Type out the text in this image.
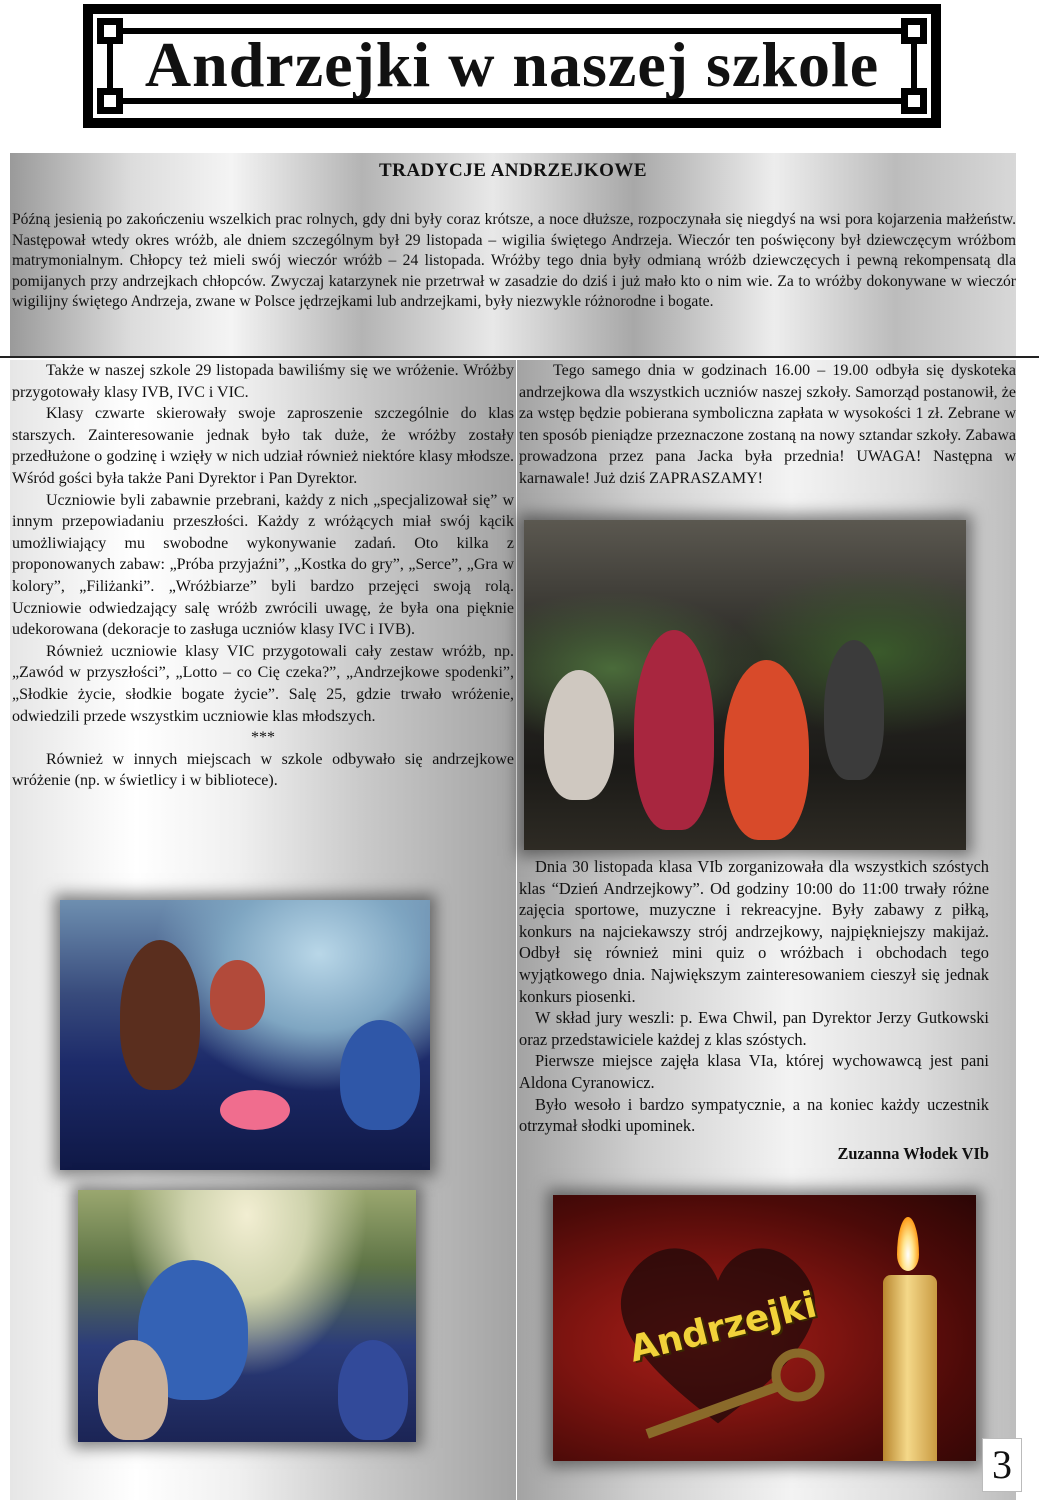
Andrzejki w naszej szkole
TRADYCJE ANDRZEJKOWE

Późną jesienią po zakończeniu wszelkich prac rolnych, gdy dni były coraz krótsze, a noce dłuższe, rozpoczynała się niegdyś na wsi pora kojarzenia małżeństw. Następował wtedy okres wróżb, ale dniem szczególnym był 29 listopada – wigilia świętego Andrzeja. Wieczór ten poświęcony był dziewczęcym wróżbom matrymonialnym. Chłopcy też mieli swój wieczór wróżb – 24 listopada. Wróżby tego dnia były odmianą wróżb dziewczęcych i pewną rekompensatą dla pomijanych przy andrzejkach chłopców. Zwyczaj katarzynek nie przetrwał w zasadzie do dziś i już mało kto o nim wie. Za to wróżby dokonywane w wieczór wigilijny świętego Andrzeja, zwane w Polsce jędrzejkami lub andrzejkami, były niezwykle różnorodne i bogate.

Także w naszej szkole 29 listopada bawiliśmy się we wróżenie. Wróżby przygotowały klasy IVB, IVC i VIC.

Klasy czwarte skierowały swoje zaproszenie szczególnie do klas starszych. Zainteresowanie jednak było tak duże, że wróżby zostały przedłużone o godzinę i wzięły w nich udział również niektóre klasy młodsze. Wśród gości była także Pani Dyrektor i Pan Dyrektor.

Uczniowie byli zabawnie przebrani, każdy z nich „specjalizował się” w innym przepowiadaniu przeszłości. Każdy z wróżących miał swój kącik umożliwiający mu swobodne wykonywanie zadań. Oto kilka z proponowanych zabaw: „Próba przyjaźni”, „Kostka do gry”, „Serce”, „Gra w kolory”, „Filiżanki”. „Wróżbiarze” byli bardzo przejęci swoją rolą. Uczniowie odwiedzający salę wróżb zwrócili uwagę, że była ona pięknie udekorowana (dekoracje to zasługa uczniów klasy IVC i IVB).

Również uczniowie klasy VIC przygotowali cały zestaw wróżb, np. „Zawód w przyszłości”, „Lotto – co Cię czeka?”, „Andrzejkowe spodenki”, „Słodkie życie, słodkie bogate życie”. Salę 25, gdzie trwało wróżenie, odwiedzili przede wszystkim uczniowie klas młodszych.

***

Również w innych miejscach w szkole odbywało się andrzejkowe wróżenie (np. w świetlicy i w bibliotece).

Tego samego dnia w godzinach 16.00 – 19.00 odbyła się dyskoteka andrzejkowa dla wszystkich uczniów naszej szkoły. Samorząd postanowił, że za wstęp będzie pobierana symboliczna zapłata w wysokości 1 zł. Zebrane w ten sposób pieniądze przeznaczone zostaną na nowy sztandar szkoły. Zabawa prowadzona przez pana Jacka była przednia! UWAGA! Następna w karnawale! Już dziś ZAPRASZAMY!

Dnia 30 listopada klasa VIb zorganizowała dla wszystkich szóstych klas “Dzień Andrzejkowy”. Od godziny 10:00 do 11:00 trwały różne zajęcia sportowe, muzyczne i rekreacyjne. Były zabawy z piłką, konkurs na najciekawszy strój andrzejkowy, najpiękniejszy makijaż. Odbył się również mini quiz o wróżbach i obchodach tego wyjątkowego dnia. Największym zainteresowaniem cieszył się jednak konkurs piosenki.

W skład jury weszli: p. Ewa Chwil, pan Dyrektor Jerzy Gutkowski oraz przedstawiciele każdej z klas szóstych.

Pierwsze miejsce zajęła klasa VIa, której wychowawcą jest pani Aldona Cyranowicz.

Było wesoło i bardzo sympatycznie, a na koniec każdy uczestnik otrzymał słodki upominek.

Zuzanna Włodek VIb

Andrzejki
3
